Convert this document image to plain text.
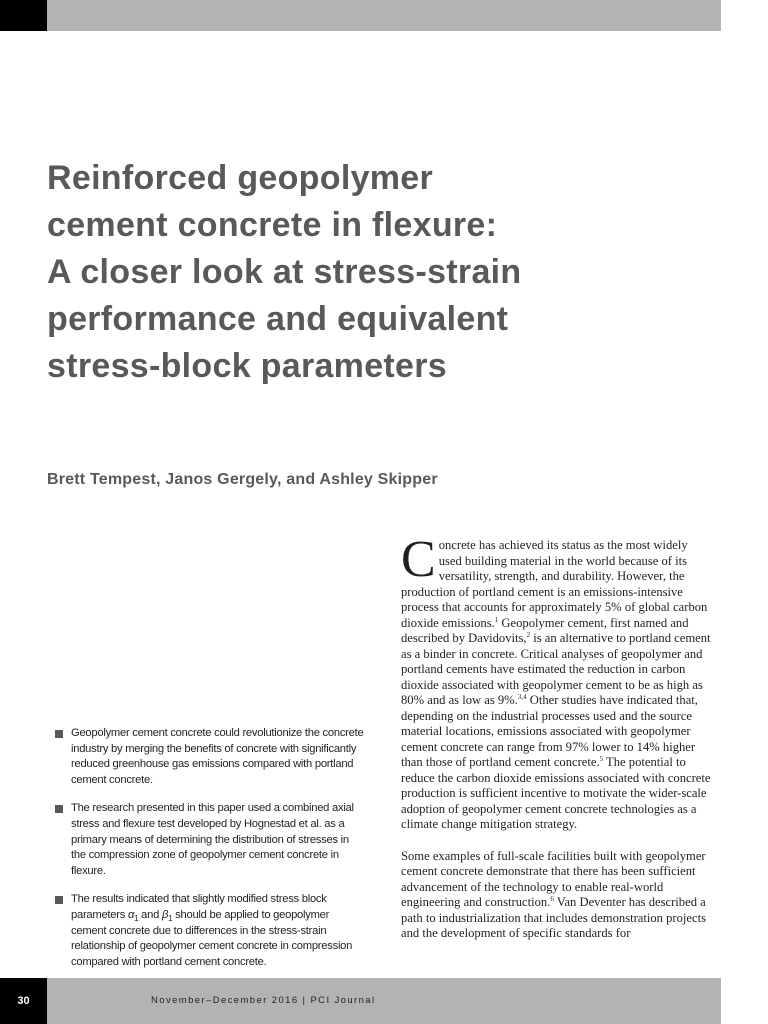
Reinforced geopolymer
cement concrete in flexure:
A closer look at stress-strain
performance and equivalent
stress-block parameters

Brett Tempest, Janos Gergely, and Ashley Skipper

Geopolymer cement concrete could revolutionize the concrete industry by merging the benefits of concrete with significantly reduced greenhouse gas emissions compared with portland cement concrete.

The research presented in this paper used a combined axial stress and flexure test developed by Hognestad et al. as a primary means of determining the distribution of stresses in the compression zone of geopolymer cement concrete in flexure.

The results indicated that slightly modified stress block parameters $\alpha_1$ and $\beta_1$ should be applied to geopolymer cement concrete due to differences in the stress-strain relationship of geopolymer cement concrete in compression compared with portland cement concrete.

Concrete has achieved its status as the most widely used building material in the world because of its versatility, strength, and durability. However, the production of portland cement is an emissions-intensive process that accounts for approximately 5% of global carbon dioxide emissions.$^1$ Geopolymer cement, first named and described by Davidovits,$^2$ is an alternative to portland cement as a binder in concrete. Critical analyses of geopolymer and portland cements have estimated the reduction in carbon dioxide associated with geopolymer cement to be as high as 80% and as low as 9%.$^{3,4}$ Other studies have indicated that, depending on the industrial processes used and the source material locations, emissions associated with geopolymer cement concrete can range from 97% lower to 14% higher than those of portland cement concrete.$^5$ The potential to reduce the carbon dioxide emissions associated with concrete production is sufficient incentive to motivate the wider-scale adoption of geopolymer cement concrete technologies as a climate change mitigation strategy.

Some examples of full-scale facilities built with geopolymer cement concrete demonstrate that there has been sufficient advancement of the technology to enable real-world engineering and construction.$^6$ Van Deventer has described a path to industrialization that includes demonstration projects and the development of specific standards for

30	November–December 2016 | PCI Journal
